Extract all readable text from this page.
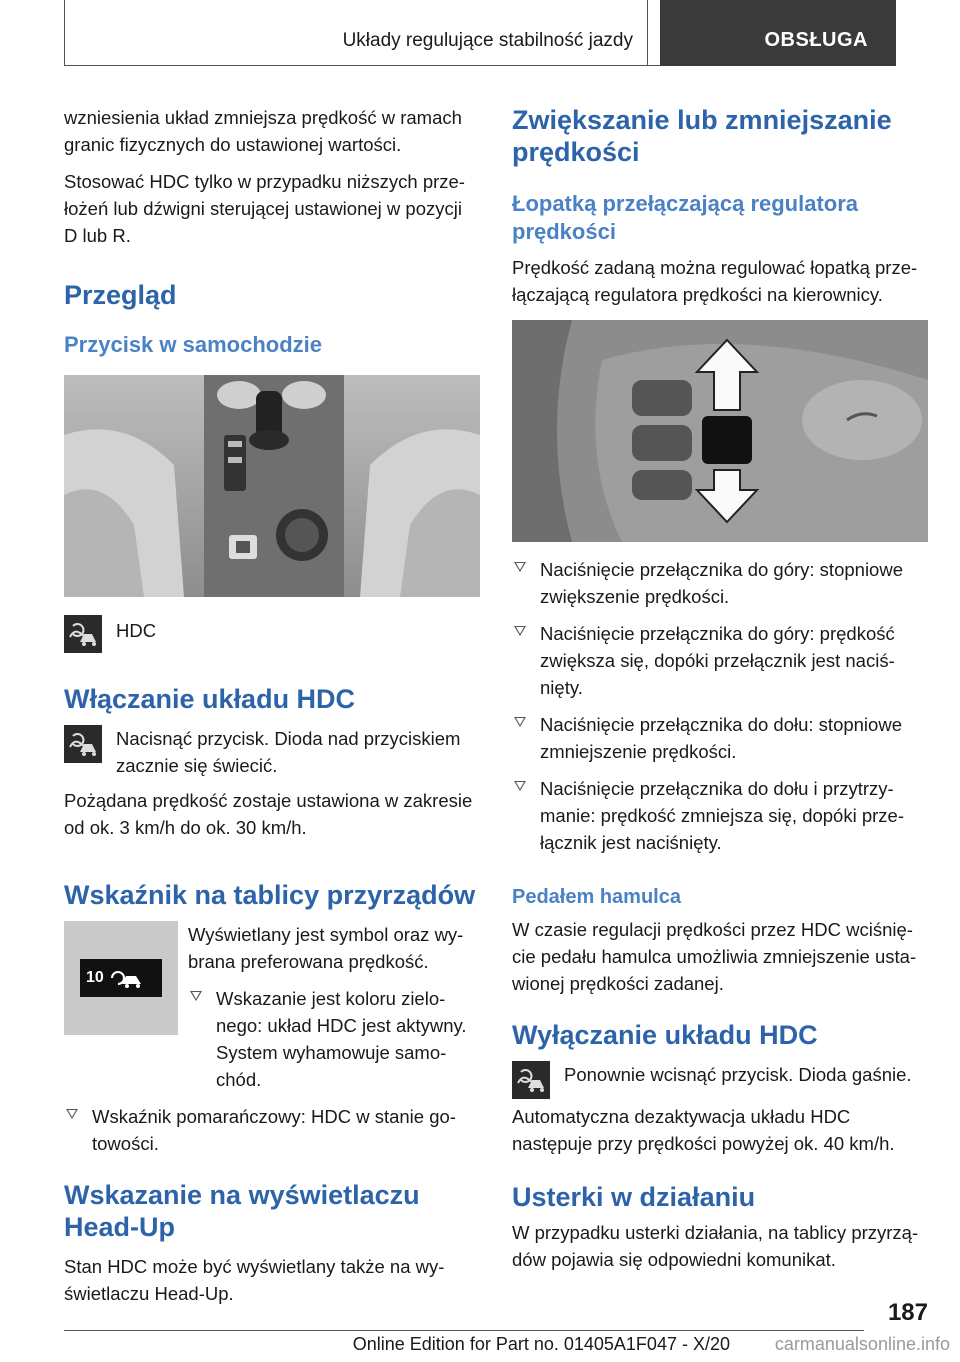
Układy regulujące stabilność jazdy	OBSŁUGA

wzniesienia układ zmniejsza prędkość w ramach granic fizycznych do ustawionej wartości.

Stosować HDC tylko w przypadku niższych prze‐łożeń lub dźwigni sterującej ustawionej w pozycji D lub R.

Przegląd
Przycisk w samochodzie

HDC

Włączanie układu HDC

Nacisnąć przycisk. Dioda nad przyciskiem zacznie się świecić.

Pożądana prędkość zostaje ustawiona w zakresie od ok. 3 km/h do ok. 30 km/h.

Wskaźnik na tablicy przyrządów
10

Wyświetlany jest symbol oraz wy‐brana preferowana prędkość.

Wskazanie jest koloru zielo‐nego: układ HDC jest aktywny. System wyhamowuje samo‐chód.
Wskaźnik pomarańczowy: HDC w stanie go‐towości.
Wskazanie na wyświetlaczu Head-Up

Stan HDC może być wyświetlany także na wy‐świetlaczu Head-Up.

Zwiększanie lub zmniejszanie prędkości
Łopatką przełączającą regulatora prędkości

Prędkość zadaną można regulować łopatką prze‐łączającą regulatora prędkości na kierownicy.

Naciśnięcie przełącznika do góry: stopniowe zwiększenie prędkości.
Naciśnięcie przełącznika do góry: prędkość zwiększa się, dopóki przełącznik jest naciś‐nięty.
Naciśnięcie przełącznika do dołu: stopniowe zmniejszenie prędkości.
Naciśnięcie przełącznika do dołu i przytrzy‐manie: prędkość zmniejsza się, dopóki prze‐łącznik jest naciśnięty.
Pedałem hamulca

W czasie regulacji prędkości przez HDC wciśnię‐cie pedału hamulca umożliwia zmniejszenie usta‐wionej prędkości zadanej.

Wyłączanie układu HDC

Ponownie wcisnąć przycisk. Dioda gaśnie.

Automatyczna dezaktywacja układu HDC następuje przy prędkości powyżej ok. 40 km/h.

Usterki w działaniu

W przypadku usterki działania, na tablicy przyrzą‐dów pojawia się odpowiedni komunikat.

187
Online Edition for Part no. 01405A1F047 - X/20 carmanualsonline.info
